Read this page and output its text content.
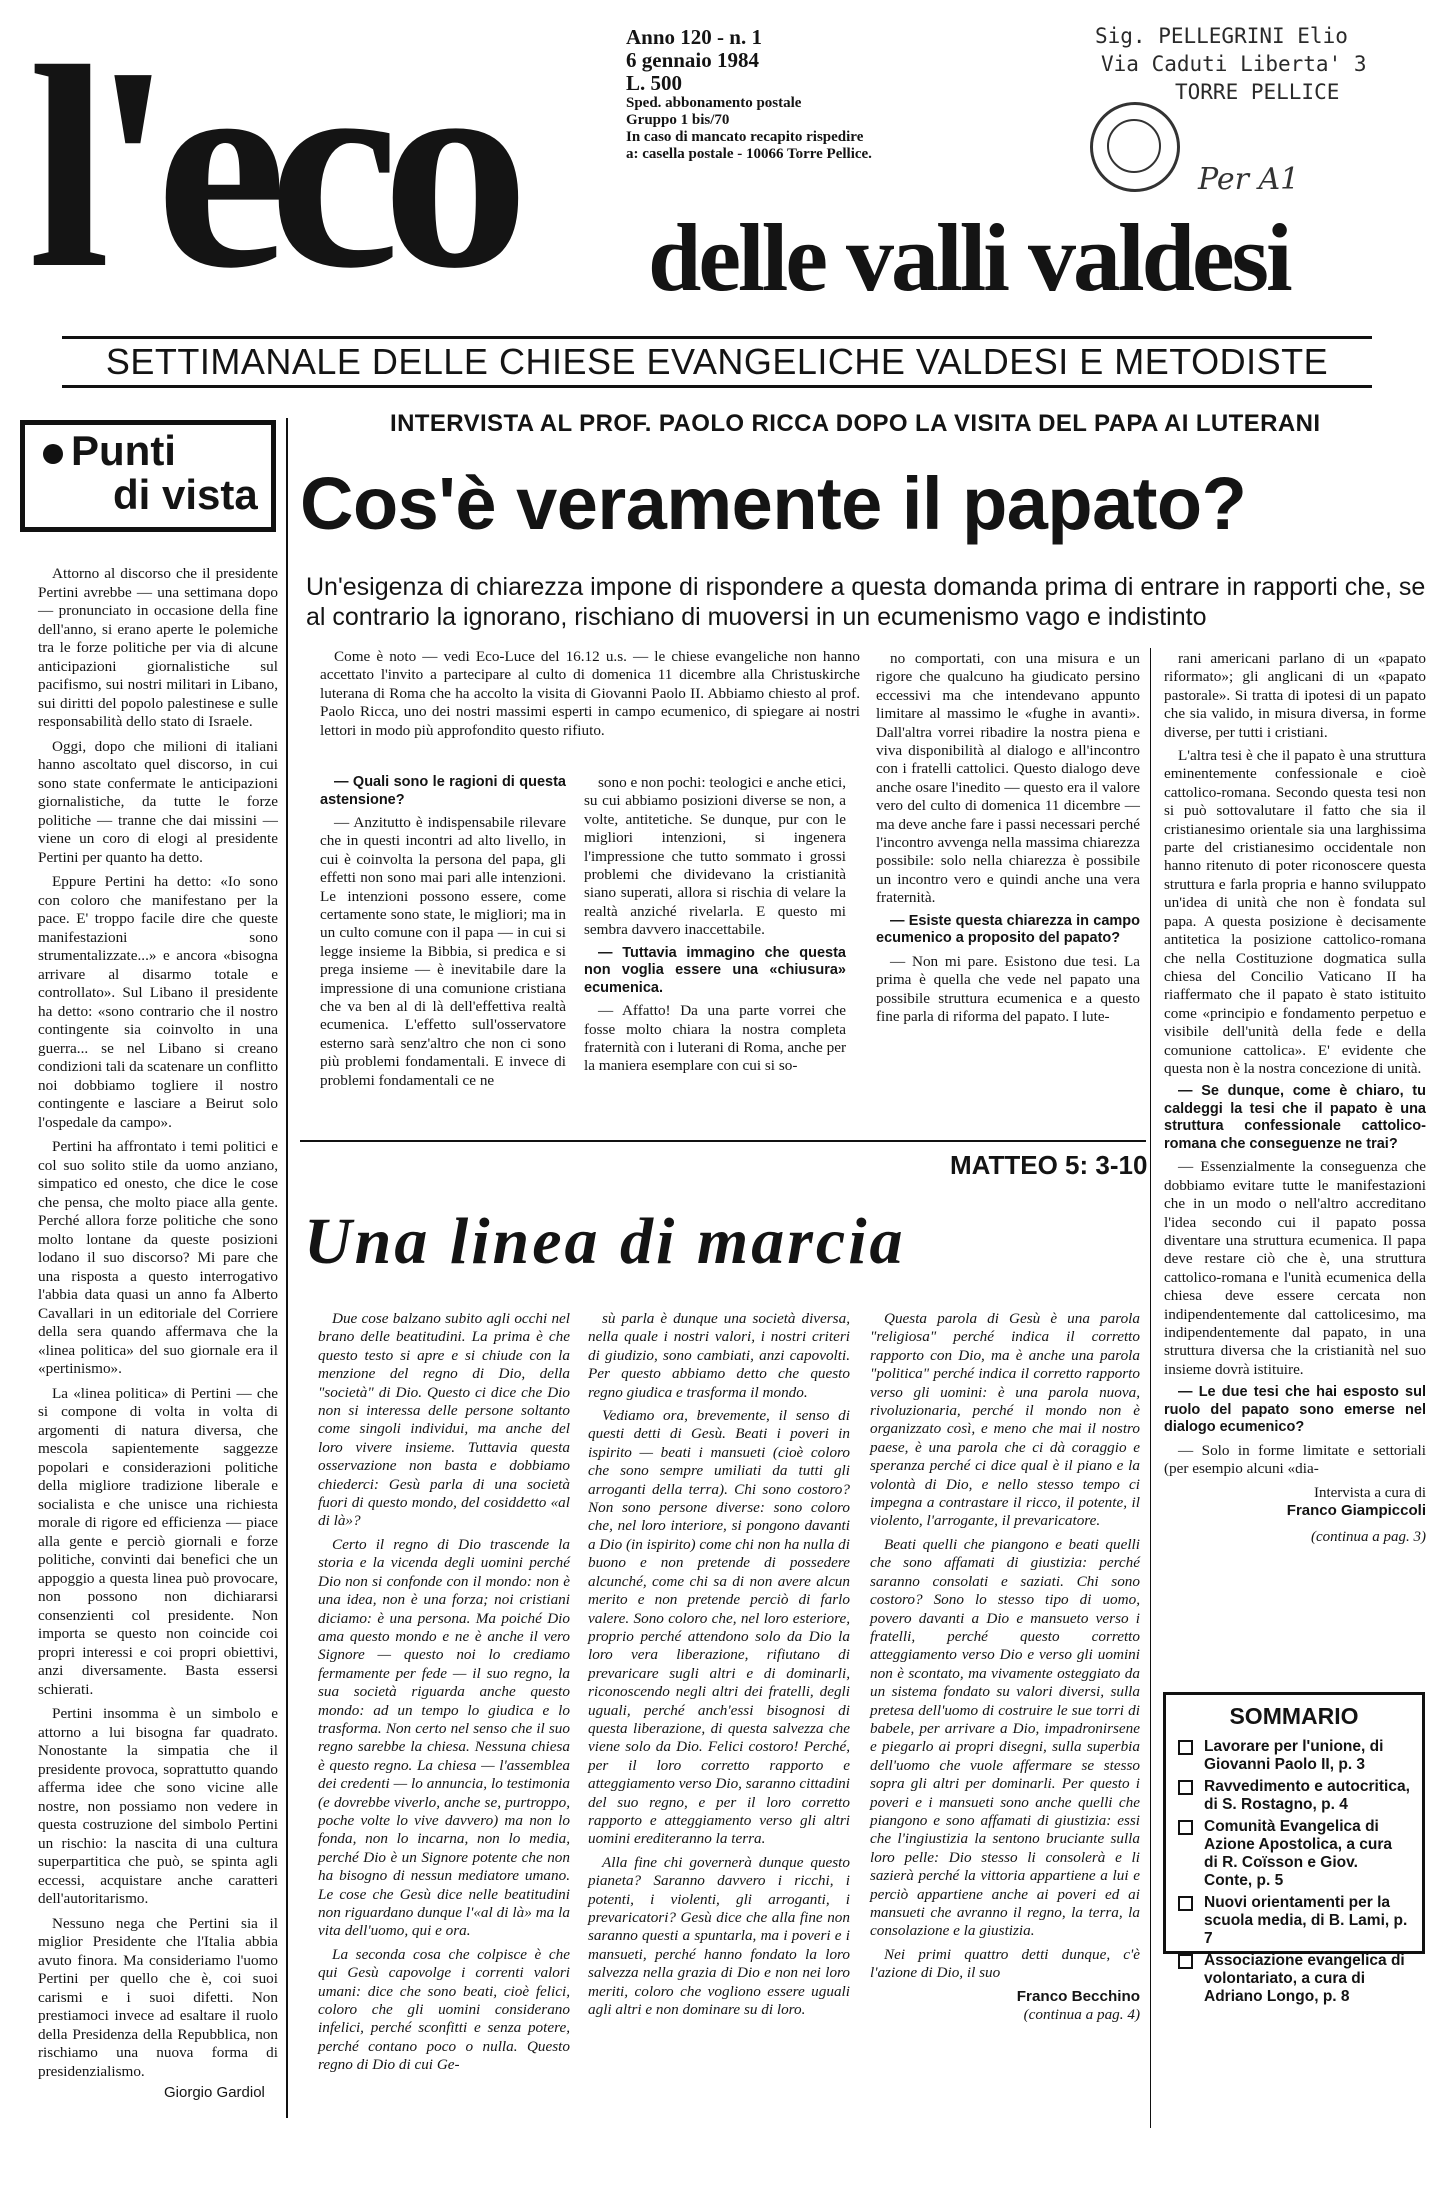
l'eco delle valli valdesi
Anno 120 - n. 1
6 gennaio 1984
L. 500
Sped. abbonamento postale
Gruppo 1 bis/70
In caso di mancato recapito rispedire
a: casella postale - 10066 Torre Pellice.
Sig. PELLEGRINI Elio
Via Caduti Liberta' 3
TORRE PELLICE
Per A1
SETTIMANALE DELLE CHIESE EVANGELICHE VALDESI E METODISTE
Punti
di vista

Attorno al discorso che il presidente Pertini avrebbe — una settimana dopo — pronunciato in occasione della fine dell'anno, si erano aperte le polemiche tra le forze politiche per via di alcune anticipazioni giornalistiche sul pacifismo, sui nostri militari in Libano, sui diritti del popolo palestinese e sulle responsabilità dello stato di Israele.

Oggi, dopo che milioni di italiani hanno ascoltato quel discorso, in cui sono state confermate le anticipazioni giornalistiche, da tutte le forze politiche — tranne che dai missini — viene un coro di elogi al presidente Pertini per quanto ha detto.

Eppure Pertini ha detto: «Io sono con coloro che manifestano per la pace. E' troppo facile dire che queste manifestazioni sono strumentalizzate...» e ancora «bisogna arrivare al disarmo totale e controllato». Sul Libano il presidente ha detto: «sono contrario che il nostro contingente sia coinvolto in una guerra... se nel Libano si creano condizioni tali da scatenare un conflitto noi dobbiamo togliere il nostro contingente e lasciare a Beirut solo l'ospedale da campo».

Pertini ha affrontato i temi politici e col suo solito stile da uomo anziano, simpatico ed onesto, che dice le cose che pensa, che molto piace alla gente. Perché allora forze politiche che sono molto lontane da queste posizioni lodano il suo discorso? Mi pare che una risposta a questo interrogativo l'abbia data quasi un anno fa Alberto Cavallari in un editoriale del Corriere della sera quando affermava che la «linea politica» del suo giornale era il «pertinismo».

La «linea politica» di Pertini — che si compone di volta in volta di argomenti di natura diversa, che mescola sapientemente saggezze popolari e considerazioni politiche della migliore tradizione liberale e socialista e che unisce una richiesta morale di rigore ed efficienza — piace alla gente e perciò giornali e forze politiche, convinti dai benefici che un appoggio a questa linea può provocare, non possono non dichiararsi consenzienti col presidente. Non importa se questo non coincide coi propri interessi e coi propri obiettivi, anzi diversamente. Basta essersi schierati.

Pertini insomma è un simbolo e attorno a lui bisogna far quadrato. Nonostante la simpatia che il presidente provoca, soprattutto quando afferma idee che sono vicine alle nostre, non possiamo non vedere in questa costruzione del simbolo Pertini un rischio: la nascita di una cultura superpartitica che può, se spinta agli eccessi, acquistare anche caratteri dell'autoritarismo.

Nessuno nega che Pertini sia il miglior Presidente che l'Italia abbia avuto finora. Ma consideriamo l'uomo Pertini per quello che è, coi suoi carismi e i suoi difetti. Non prestiamoci invece ad esaltare il ruolo della Presidenza della Repubblica, non rischiamo una nuova forma di presidenzialismo.

Giorgio Gardiol
INTERVISTA AL PROF. PAOLO RICCA DOPO LA VISITA DEL PAPA AI LUTERANI
Cos'è veramente il papato?
Un'esigenza di chiarezza impone di rispondere a questa domanda prima di entrare in rapporti che, se al contrario la ignorano, rischiano di muoversi in un ecumenismo vago e indistinto

Come è noto — vedi Eco-Luce del 16.12 u.s. — le chiese evangeliche non hanno accettato l'invito a partecipare al culto di domenica 11 dicembre alla Christuskirche luterana di Roma che ha accolto la visita di Giovanni Paolo II. Abbiamo chiesto al prof. Paolo Ricca, uno dei nostri massimi esperti in campo ecumenico, di spiegare ai nostri lettori in modo più approfondito questo rifiuto.

— Quali sono le ragioni di questa astensione?

— Anzitutto è indispensabile rilevare che in questi incontri ad alto livello, in cui è coinvolta la persona del papa, gli effetti non sono mai pari alle intenzioni. Le intenzioni possono essere, come certamente sono state, le migliori; ma in un culto comune con il papa — in cui si legge insieme la Bibbia, si predica e si prega insieme — è inevitabile dare la impressione di una comunione cristiana che va ben al di là dell'effettiva realtà ecumenica. L'effetto sull'osservatore esterno sarà senz'altro che non ci sono più problemi fondamentali. E invece di problemi fondamentali ce ne

sono e non pochi: teologici e anche etici, su cui abbiamo posizioni diverse se non, a volte, antitetiche. Se dunque, pur con le migliori intenzioni, si ingenera l'impressione che tutto sommato i grossi problemi che dividevano la cristianità siano superati, allora si rischia di velare la realtà anziché rivelarla. E questo mi sembra davvero inaccettabile.

— Tuttavia immagino che questa non voglia essere una «chiusura» ecumenica.

— Affatto! Da una parte vorrei che fosse molto chiara la nostra completa fraternità con i luterani di Roma, anche per la maniera esemplare con cui si so-

no comportati, con una misura e un rigore che qualcuno ha giudicato persino eccessivi ma che intendevano appunto limitare al massimo le «fughe in avanti». Dall'altra vorrei ribadire la nostra piena e viva disponibilità al dialogo e all'incontro con i fratelli cattolici. Questo dialogo deve anche osare l'inedito — questo era il valore vero del culto di domenica 11 dicembre — ma deve anche fare i passi necessari perché l'incontro avvenga nella massima chiarezza possibile: solo nella chiarezza è possibile un incontro vero e quindi anche una vera fraternità.

— Esiste questa chiarezza in campo ecumenico a proposito del papato?

— Non mi pare. Esistono due tesi. La prima è quella che vede nel papato una possibile struttura ecumenica e a questo fine parla di riforma del papato. I lute-

rani americani parlano di un «papato riformato»; gli anglicani di un «papato pastorale». Si tratta di ipotesi di un papato che sia valido, in misura diversa, in forme diverse, per tutti i cristiani.

L'altra tesi è che il papato è una struttura eminentemente confessionale e cioè cattolico-romana. Secondo questa tesi non si può sottovalutare il fatto che sia il cristianesimo orientale sia una larghissima parte del cristianesimo occidentale non hanno ritenuto di poter riconoscere questa struttura e farla propria e hanno sviluppato un'idea di unità che non è fondata sul papa. A questa posizione è decisamente antitetica la posizione cattolico-romana che nella Costituzione dogmatica sulla chiesa del Concilio Vaticano II ha riaffermato che il papato è stato istituito come «principio e fondamento perpetuo e visibile dell'unità della fede e della comunione cattolica». E' evidente che questa non è la nostra concezione di unità.

— Se dunque, come è chiaro, tu caldeggi la tesi che il papato è una struttura confessionale cattolico-romana che conseguenze ne trai?

— Essenzialmente la conseguenza che dobbiamo evitare tutte le manifestazioni che in un modo o nell'altro accreditano l'idea secondo cui il papato possa diventare una struttura ecumenica. Il papa deve restare ciò che è, una struttura cattolico-romana e l'unità ecumenica della chiesa deve essere cercata non indipendentemente dal cattolicesimo, ma indipendentemente dal papato, in una struttura diversa che la cristianità nel suo insieme dovrà istituire.

— Le due tesi che hai esposto sul ruolo del papato sono emerse nel dialogo ecumenico?

— Solo in forme limitate e settoriali (per esempio alcuni «dia-

Intervista a cura di
Franco Giampiccoli
(continua a pag. 3)
MATTEO 5: 3-10
Una linea di marcia

Due cose balzano subito agli occhi nel brano delle beatitudini. La prima è che questo testo si apre e si chiude con la menzione del regno di Dio, della "società" di Dio. Questo ci dice che Dio non si interessa delle persone soltanto come singoli individui, ma anche del loro vivere insieme. Tuttavia questa osservazione non basta e dobbiamo chiederci: Gesù parla di una società fuori di questo mondo, del cosiddetto «al di là»?

Certo il regno di Dio trascende la storia e la vicenda degli uomini perché Dio non si confonde con il mondo: non è una idea, non è una forza; noi cristiani diciamo: è una persona. Ma poiché Dio ama questo mondo e ne è anche il vero Signore — questo noi lo crediamo fermamente per fede — il suo regno, la sua società riguarda anche questo mondo: ad un tempo lo giudica e lo trasforma. Non certo nel senso che il suo regno sarebbe la chiesa. Nessuna chiesa è questo regno. La chiesa — l'assemblea dei credenti — lo annuncia, lo testimonia (e dovrebbe viverlo, anche se, purtroppo, poche volte lo vive davvero) ma non lo fonda, non lo incarna, non lo media, perché Dio è un Signore potente che non ha bisogno di nessun mediatore umano. Le cose che Gesù dice nelle beatitudini non riguardano dunque l'«al di là» ma la vita dell'uomo, qui e ora.

La seconda cosa che colpisce è che qui Gesù capovolge i correnti valori umani: dice che sono beati, cioè felici, coloro che gli uomini considerano infelici, perché sconfitti e senza potere, perché contano poco o nulla. Questo regno di Dio di cui Ge-

sù parla è dunque una società diversa, nella quale i nostri valori, i nostri criteri di giudizio, sono cambiati, anzi capovolti. Per questo abbiamo detto che questo regno giudica e trasforma il mondo.

Vediamo ora, brevemente, il senso di questi detti di Gesù. Beati i poveri in ispirito — beati i mansueti (cioè coloro che sono sempre umiliati da tutti gli arroganti della terra). Chi sono costoro? Non sono persone diverse: sono coloro che, nel loro interiore, si pongono davanti a Dio (in ispirito) come chi non ha nulla di buono e non pretende di possedere alcunché, come chi sa di non avere alcun merito e non pretende perciò di farlo valere. Sono coloro che, nel loro esteriore, proprio perché attendono solo da Dio la loro vera liberazione, rifiutano di prevaricare sugli altri e di dominarli, riconoscendo negli altri dei fratelli, degli uguali, perché anch'essi bisognosi di questa liberazione, di questa salvezza che viene solo da Dio. Felici costoro! Perché, per il loro corretto rapporto e atteggiamento verso Dio, saranno cittadini del suo regno, e per il loro corretto rapporto e atteggiamento verso gli altri uomini erediteranno la terra.

Alla fine chi governerà dunque questo pianeta? Saranno davvero i ricchi, i potenti, i violenti, gli arroganti, i prevaricatori? Gesù dice che alla fine non saranno questi a spuntarla, ma i poveri e i mansueti, perché hanno fondato la loro salvezza nella grazia di Dio e non nei loro meriti, coloro che vogliono essere uguali agli altri e non dominare su di loro.

Questa parola di Gesù è una parola "religiosa" perché indica il corretto rapporto con Dio, ma è anche una parola "politica" perché indica il corretto rapporto verso gli uomini: è una parola nuova, rivoluzionaria, perché il mondo non è organizzato così, e meno che mai il nostro paese, è una parola che ci dà coraggio e speranza perché ci dice qual è il piano e la volontà di Dio, e nello stesso tempo ci impegna a contrastare il ricco, il potente, il violento, l'arrogante, il prevaricatore.

Beati quelli che piangono e beati quelli che sono affamati di giustizia: perché saranno consolati e saziati. Chi sono costoro? Sono lo stesso tipo di uomo, povero davanti a Dio e mansueto verso i fratelli, perché questo corretto atteggiamento verso Dio e verso gli uomini non è scontato, ma vivamente osteggiato da un sistema fondato su valori diversi, sulla pretesa dell'uomo di costruire le sue torri di babele, per arrivare a Dio, impadronirsene e piegarlo ai propri disegni, sulla superbia dell'uomo che vuole affermare se stesso sopra gli altri per dominarli. Per questo i poveri e i mansueti sono anche quelli che piangono e sono affamati di giustizia: essi che l'ingiustizia la sentono bruciante sulla loro pelle: Dio stesso li consolerà e li sazierà perché la vittoria appartiene a lui e perciò appartiene anche ai poveri ed ai mansueti che avranno il regno, la terra, la consolazione e la giustizia.

Nei primi quattro detti dunque, c'è l'azione di Dio, il suo

Franco Becchino
(continua a pag. 4)
SOMMARIO
Lavorare per l'unione, di Giovanni Paolo II, p. 3
Ravvedimento e autocritica, di S. Rostagno, p. 4
Comunità Evangelica di Azione Apostolica, a cura di R. Coïsson e Giov. Conte, p. 5
Nuovi orientamenti per la scuola media, di B. Lami, p. 7
Associazione evangelica di volontariato, a cura di Adriano Longo, p. 8
